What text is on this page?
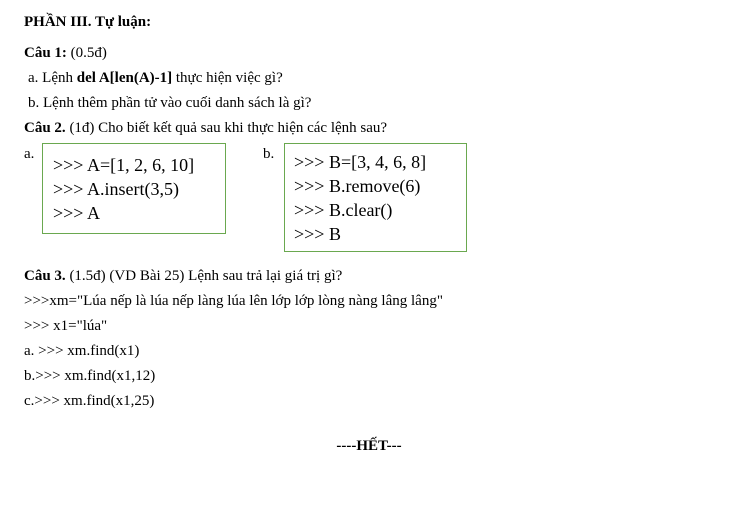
PHẦN III. Tự luận:
Câu 1: (0.5đ)
a. Lệnh del A[len(A)-1] thực hiện việc gì?
b. Lệnh thêm phần tử vào cuối danh sách là gì?
Câu 2. (1đ) Cho biết kết quả sau khi thực hiện các lệnh sau?
a.
>>> A=[1, 2, 6, 10]
>>> A.insert(3,5)
>>> A
b. >>> B=[3, 4, 6, 8]
>>> B.remove(6)
>>> B.clear()
>>> B
Câu 3. (1.5đ) (VD Bài 25) Lệnh sau trả lại giá trị gì?
>>>xm="Lúa nếp là lúa nếp làng lúa lên lớp lớp lòng nàng lâng lâng"
>>> x1="lúa"
a. >>> xm.find(x1)
b.>>> xm.find(x1,12)
c.>>> xm.find(x1,25)
----HẾT---
